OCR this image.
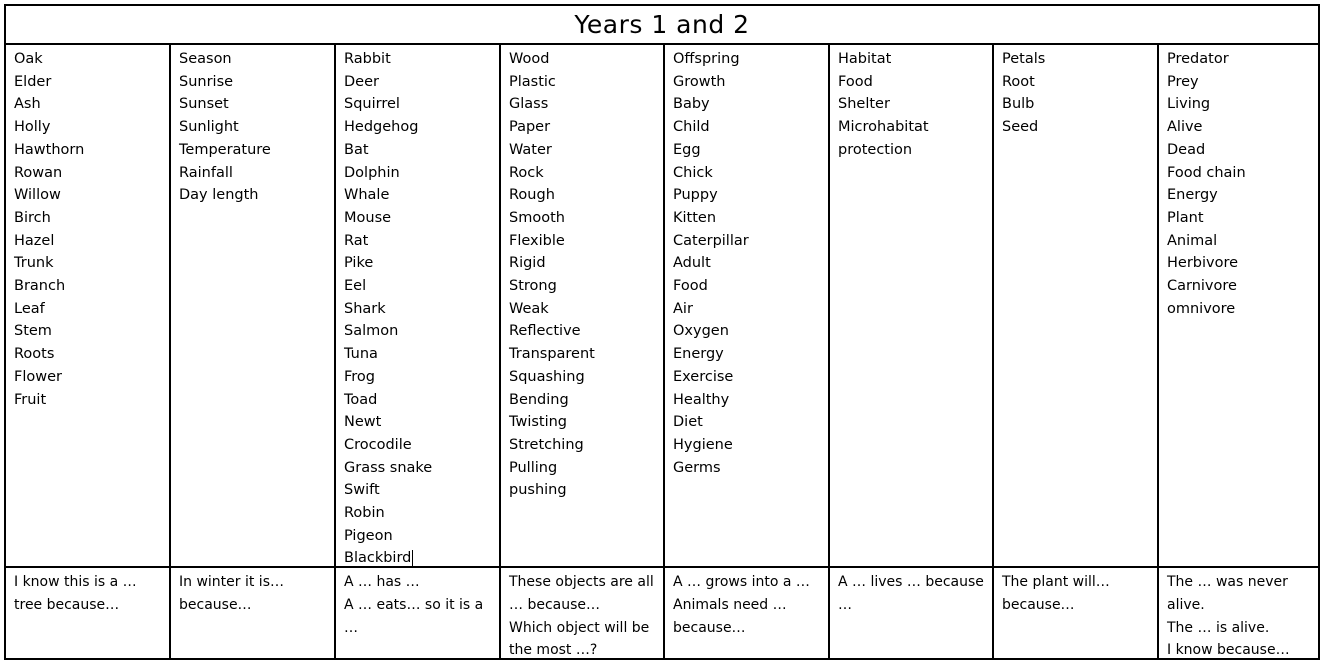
Years 1 and 2
Oak
Elder
Ash
Holly
Hawthorn
Rowan
Willow
Birch
Hazel
Trunk
Branch
Leaf
Stem
Roots
Flower
Fruit
Season
Sunrise
Sunset
Sunlight
Temperature
Rainfall
Day length
Rabbit
Deer
Squirrel
Hedgehog
Bat
Dolphin
Whale
Mouse
Rat
Pike
Eel
Shark
Salmon
Tuna
Frog
Toad
Newt
Crocodile
Grass snake
Swift
Robin
Pigeon
Blackbird
Wood
Plastic
Glass
Paper
Water
Rock
Rough
Smooth
Flexible
Rigid
Strong
Weak
Reflective
Transparent
Squashing
Bending
Twisting
Stretching
Pulling
pushing
Offspring
Growth
Baby
Child
Egg
Chick
Puppy
Kitten
Caterpillar
Adult
Food
Air
Oxygen
Energy
Exercise
Healthy
Diet
Hygiene
Germs
Habitat
Food
Shelter
Microhabitat
protection
Petals
Root
Bulb
Seed
Predator
Prey
Living
Alive
Dead
Food chain
Energy
Plant
Animal
Herbivore
Carnivore
omnivore
I know this is a … tree because…
In winter it is…because…
A … has …
A … eats… so it is a …
These objects are all … because…
Which object will be the most …?
A … grows into a …
Animals need … because…
A … lives … because …
The plant will…because…
The … was never alive.
The … is alive.
I know because…
